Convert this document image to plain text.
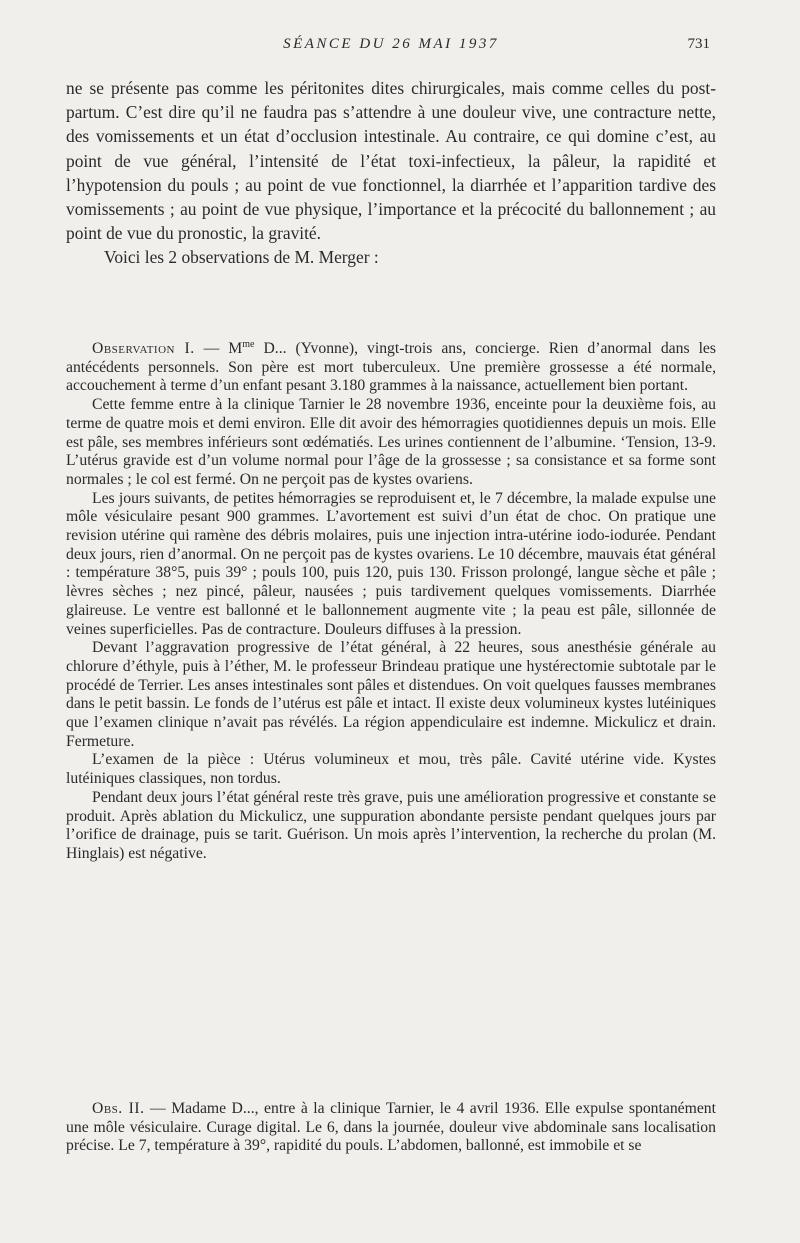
SÉANCE DU 26 MAI 1937	731

ne se présente pas comme les péritonites dites chirurgicales, mais comme celles du post-partum. C’est dire qu’il ne faudra pas s’attendre à une douleur vive, une contracture nette, des vomissements et un état d’occlusion intestinale. Au contraire, ce qui domine c’est, au point de vue général, l’intensité de l’état toxi-infectieux, la pâleur, la rapidité et l’hypotension du pouls ; au point de vue fonctionnel, la diarrhée et l’apparition tardive des vomissements ; au point de vue physique, l’importance et la précocité du ballonnement ; au point de vue du pronostic, la gravité.

Voici les 2 observations de M. Merger :

Observation I. — $M^{me}$ D... (Yvonne), vingt-trois ans, concierge. Rien d’anormal dans les antécédents personnels. Son père est mort tuberculeux. Une première grossesse a été normale, accouchement à terme d’un enfant pesant 3.180 grammes à la naissance, actuellement bien portant.

Cette femme entre à la clinique Tarnier le 28 novembre 1936, enceinte pour la deuxième fois, au terme de quatre mois et demi environ. Elle dit avoir des hémorragies quotidiennes depuis un mois. Elle est pâle, ses membres inférieurs sont œdématiés. Les urines contiennent de l’albumine. ‘Tension, 13-9. L’utérus gravide est d’un volume normal pour l’âge de la grossesse ; sa consistance et sa forme sont normales ; le col est fermé. On ne perçoit pas de kystes ovariens.

Les jours suivants, de petites hémorragies se reproduisent et, le 7 décembre, la malade expulse une môle vésiculaire pesant 900 grammes. L’avortement est suivi d’un état de choc. On pratique une revision utérine qui ramène des débris molaires, puis une injection intra-utérine iodo-iodurée. Pendant deux jours, rien d’anormal. On ne perçoit pas de kystes ovariens. Le 10 décembre, mauvais état général : température 38°5, puis 39° ; pouls 100, puis 120, puis 130. Frisson prolongé, langue sèche et pâle ; lèvres sèches ; nez pincé, pâleur, nausées ; puis tardivement quelques vomissements. Diarrhée glaireuse. Le ventre est ballonné et le ballonnement augmente vite ; la peau est pâle, sillonnée de veines superficielles. Pas de contracture. Douleurs diffuses à la pression.

Devant l’aggravation progressive de l’état général, à 22 heures, sous anesthésie générale au chlorure d’éthyle, puis à l’éther, M. le professeur Brindeau pratique une hystérectomie subtotale par le procédé de Terrier. Les anses intestinales sont pâles et distendues. On voit quelques fausses membranes dans le petit bassin. Le fonds de l’utérus est pâle et intact. Il existe deux volumineux kystes lutéiniques que l’examen clinique n’avait pas révélés. La région appendiculaire est indemne. Mickulicz et drain. Fermeture.

L’examen de la pièce : Utérus volumineux et mou, très pâle. Cavité utérine vide. Kystes lutéiniques classiques, non tordus.

Pendant deux jours l’état général reste très grave, puis une amélioration progressive et constante se produit. Après ablation du Mickulicz, une suppuration abondante persiste pendant quelques jours par l’orifice de drainage, puis se tarit. Guérison. Un mois après l’intervention, la recherche du prolan (M. Hinglais) est négative.

Obs. II. — Madame D..., entre à la clinique Tarnier, le 4 avril 1936. Elle expulse spontanément une môle vésiculaire. Curage digital. Le 6, dans la journée, douleur vive abdominale sans localisation précise. Le 7, température à 39°, rapidité du pouls. L’abdomen, ballonné, est immobile et se
